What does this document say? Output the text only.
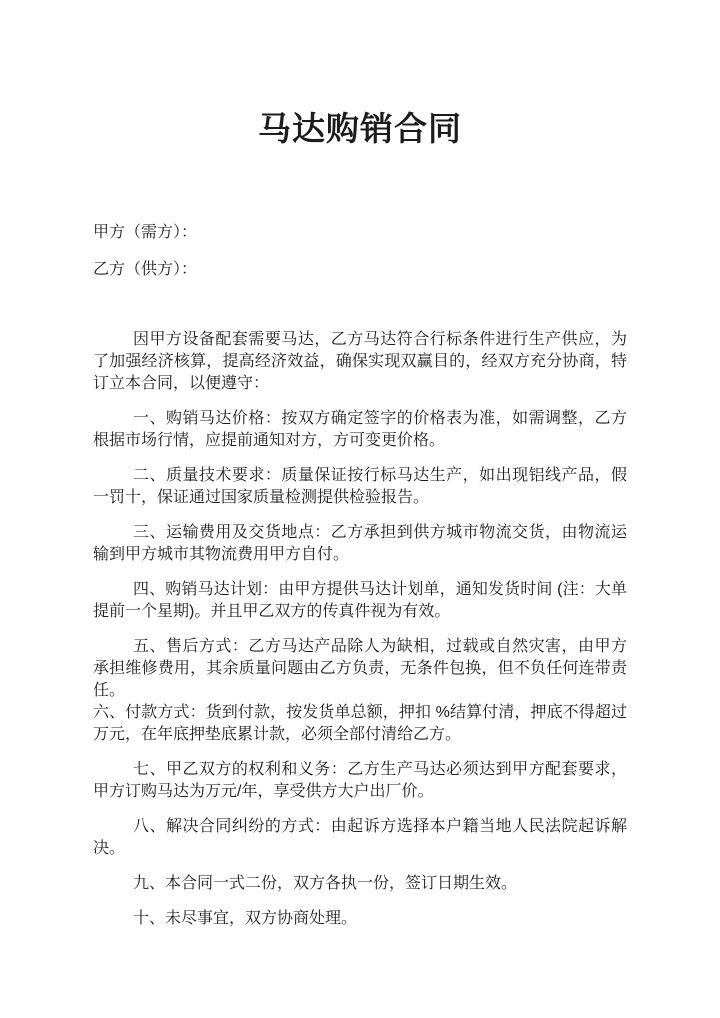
马达购销合同
甲方（需方）：
乙方（供方）：

因甲方设备配套需要马达，乙方马达符合行标条件进行生产供应，为了加强经济核算，提高经济效益，确保实现双赢目的，经双方充分协商，特订立本合同，以便遵守：

一、购销马达价格：按双方确定签字的价格表为准，如需调整，乙方根据市场行情，应提前通知对方，方可变更价格。

二、质量技术要求：质量保证按行标马达生产，如出现铝线产品，假一罚十，保证通过国家质量检测提供检验报告。

三、运输费用及交货地点：乙方承担到供方城市物流交货，由物流运输到甲方城市其物流费用甲方自付。

四、购销马达计划：由甲方提供马达计划单，通知发货时间 (注：大单提前一个星期)。并且甲乙双方的传真件视为有效。

五、售后方式：乙方马达产品除人为缺相，过载或自然灾害，由甲方承担维修费用，其余质量问题由乙方负责，无条件包换，但不负任何连带责任。

六、付款方式：货到付款，按发货单总额，押扣 %结算付清，押底不得超过万元，在年底押垫底累计款，必须全部付清给乙方。

七、甲乙双方的权利和义务：乙方生产马达必须达到甲方配套要求，甲方订购马达为万元/年，享受供方大户出厂价。

八、解决合同纠纷的方式：由起诉方选择本户籍当地人民法院起诉解决。

九、本合同一式二份，双方各执一份，签订日期生效。

十、未尽事宜，双方协商处理。
